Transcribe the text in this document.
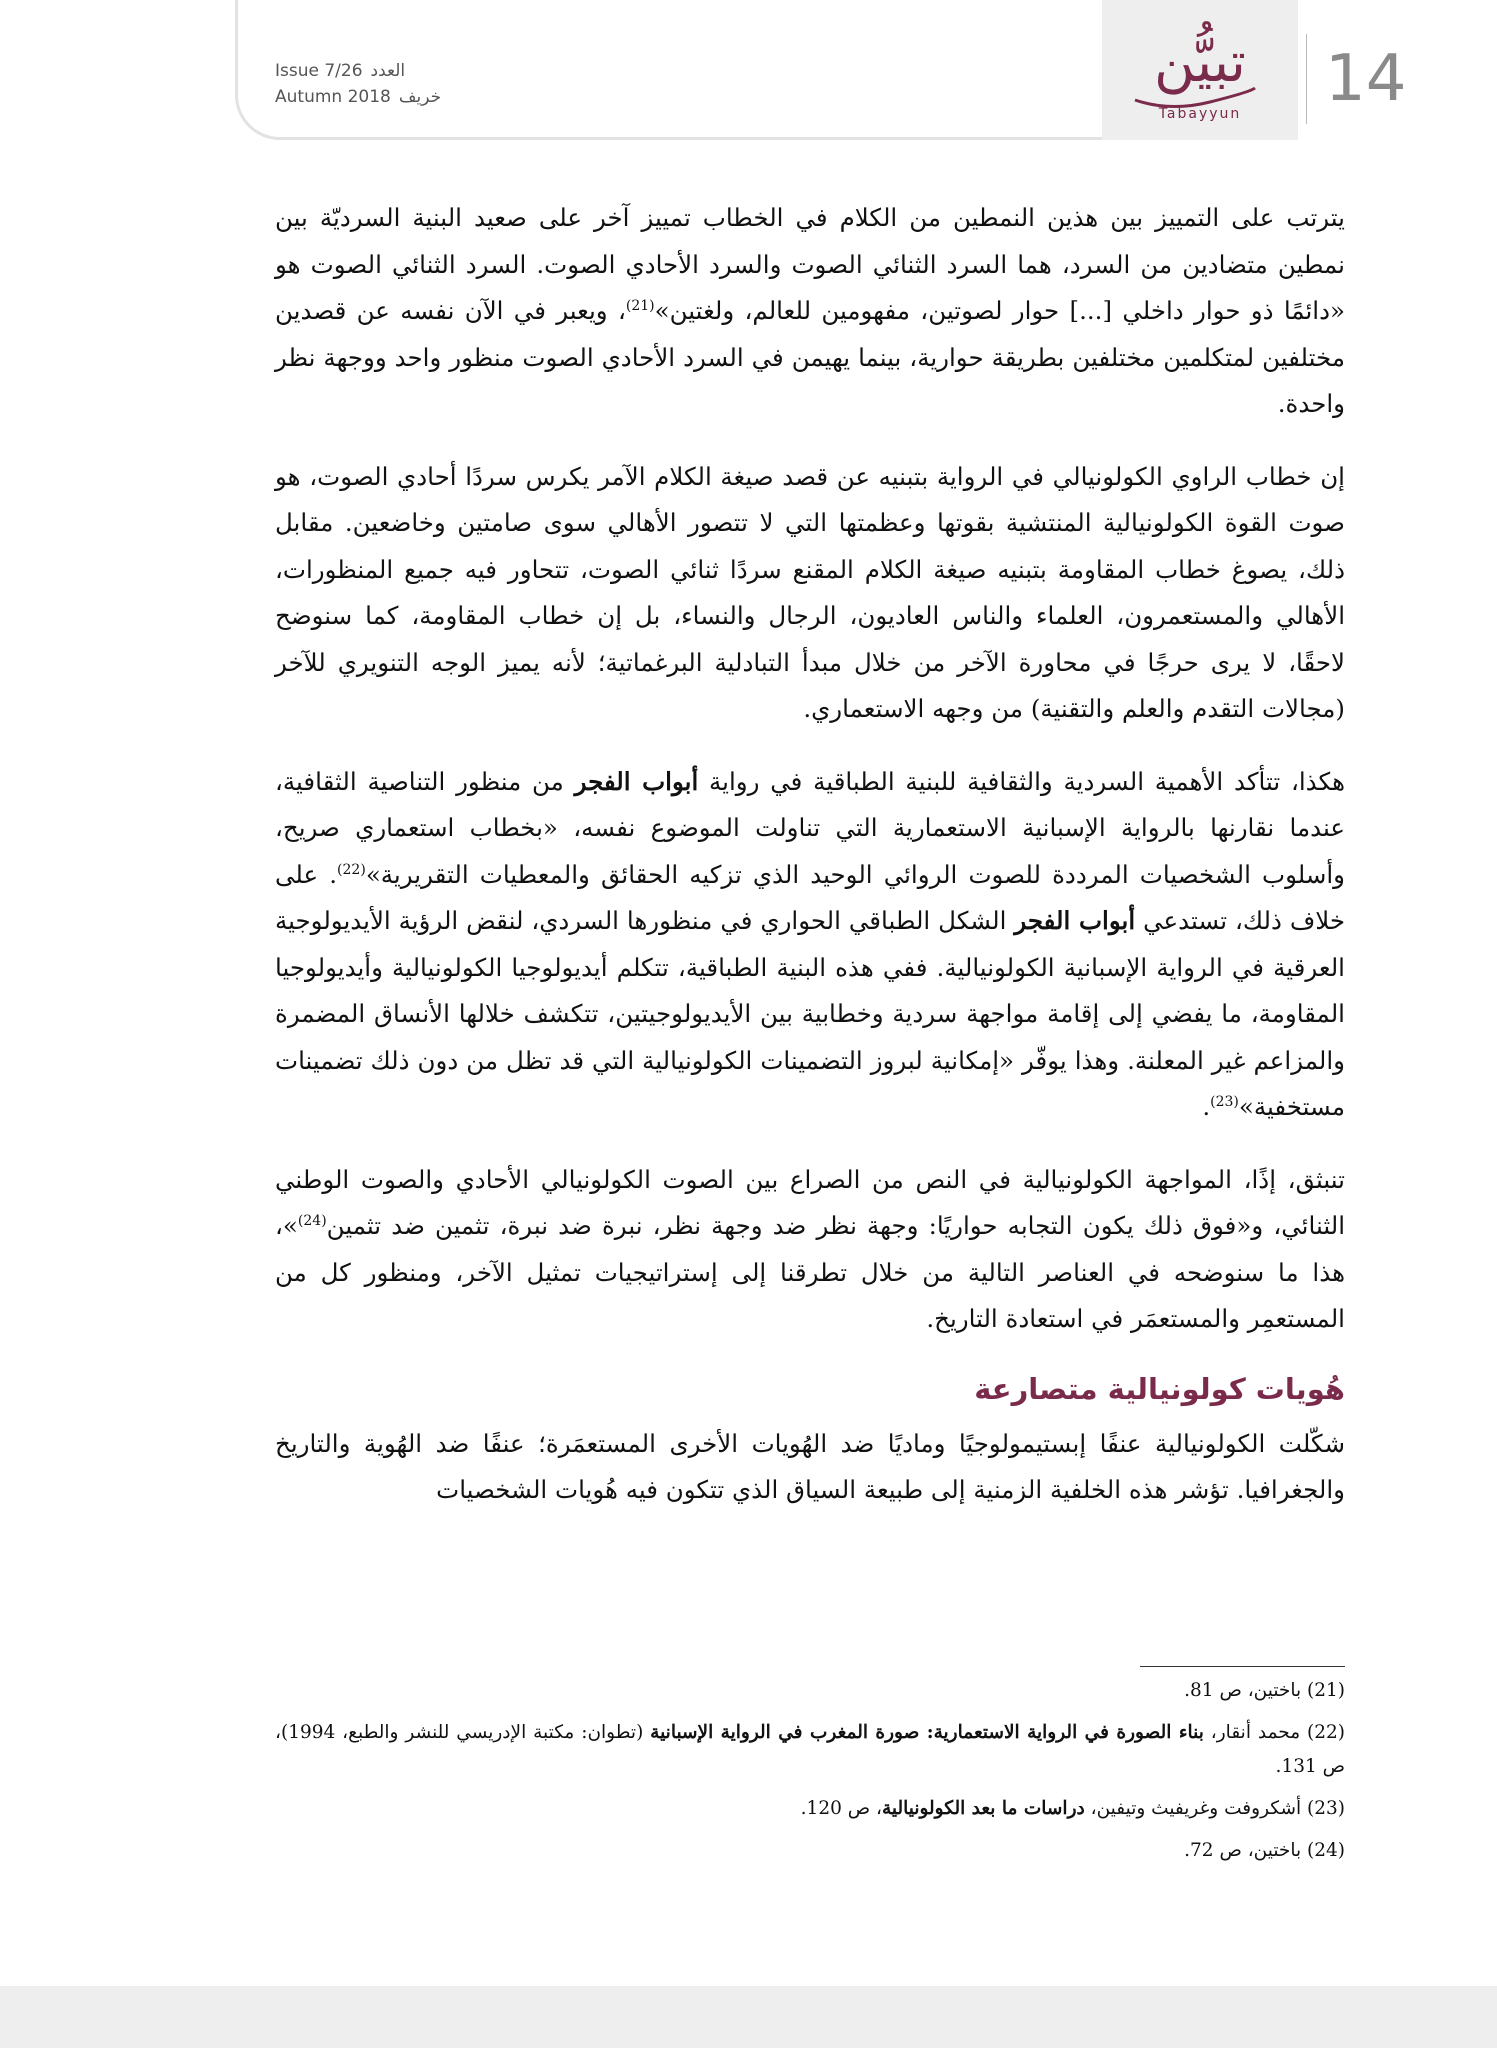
Issue 7/26 العدد
Autumn 2018 خريف
تبيُّن
Tabayyun	14

يترتب على التمييز بين هذين النمطين من الكلام في الخطاب تمييز آخر على صعيد البنية السرديّة بين نمطين متضادين من السرد، هما السرد الثنائي الصوت والسرد الأحادي الصوت. السرد الثنائي الصوت هو «دائمًا ذو حوار داخلي [...] حوار لصوتين، مفهومين للعالم، ولغتين»$^{(21)}$، ويعبر في الآن نفسه عن قصدين مختلفين لمتكلمين مختلفين بطريقة حوارية، بينما يهيمن في السرد الأحادي الصوت منظور واحد ووجهة نظر واحدة.

إن خطاب الراوي الكولونيالي في الرواية بتبنيه عن قصد صيغة الكلام الآمر يكرس سردًا أحادي الصوت، هو صوت القوة الكولونيالية المنتشية بقوتها وعظمتها التي لا تتصور الأهالي سوى صامتين وخاضعين. مقابل ذلك، يصوغ خطاب المقاومة بتبنيه صيغة الكلام المقنع سردًا ثنائي الصوت، تتحاور فيه جميع المنظورات، الأهالي والمستعمرون، العلماء والناس العاديون، الرجال والنساء، بل إن خطاب المقاومة، كما سنوضح لاحقًا، لا يرى حرجًا في محاورة الآخر من خلال مبدأ التبادلية البرغماتية؛ لأنه يميز الوجه التنويري للآخر (مجالات التقدم والعلم والتقنية) من وجهه الاستعماري.

هكذا، تتأكد الأهمية السردية والثقافية للبنية الطباقية في رواية أبواب الفجر من منظور التناصية الثقافية، عندما نقارنها بالرواية الإسبانية الاستعمارية التي تناولت الموضوع نفسه، «بخطاب استعماري صريح، وأسلوب الشخصيات المرددة للصوت الروائي الوحيد الذي تزكيه الحقائق والمعطيات التقريرية»$^{(22)}$. على خلاف ذلك، تستدعي أبواب الفجر الشكل الطباقي الحواري في منظورها السردي، لنقض الرؤية الأيديولوجية العرقية في الرواية الإسبانية الكولونيالية. ففي هذه البنية الطباقية، تتكلم أيديولوجيا الكولونيالية وأيديولوجيا المقاومة، ما يفضي إلى إقامة مواجهة سردية وخطابية بين الأيديولوجيتين، تتكشف خلالها الأنساق المضمرة والمزاعم غير المعلنة. وهذا يوفّر «إمكانية لبروز التضمينات الكولونيالية التي قد تظل من دون ذلك تضمينات مستخفية»$^{(23)}$.

تنبثق، إذًا، المواجهة الكولونيالية في النص من الصراع بين الصوت الكولونيالي الأحادي والصوت الوطني الثنائي، و«فوق ذلك يكون التجابه حواريًا: وجهة نظر ضد وجهة نظر، نبرة ضد نبرة، تثمين ضد تثمين$^{(24)}$»، هذا ما سنوضحه في العناصر التالية من خلال تطرقنا إلى إستراتيجيات تمثيل الآخر، ومنظور كل من المستعمِر والمستعمَر في استعادة التاريخ.

هُويات كولونيالية متصارعة

شكّلت الكولونيالية عنفًا إبستيمولوجيًا وماديًا ضد الهُويات الأخرى المستعمَرة؛ عنفًا ضد الهُوية والتاريخ والجغرافيا. تؤشر هذه الخلفية الزمنية إلى طبيعة السياق الذي تتكون فيه هُويات الشخصيات

(21) باختين، ص 81.
(22) محمد أنقار، بناء الصورة في الرواية الاستعمارية: صورة المغرب في الرواية الإسبانية (تطوان: مكتبة الإدريسي للنشر والطبع، 1994)، ص 131.
(23) أشكروفت وغريفيث وتيفين، دراسات ما بعد الكولونيالية، ص 120.
(24) باختين، ص 72.
